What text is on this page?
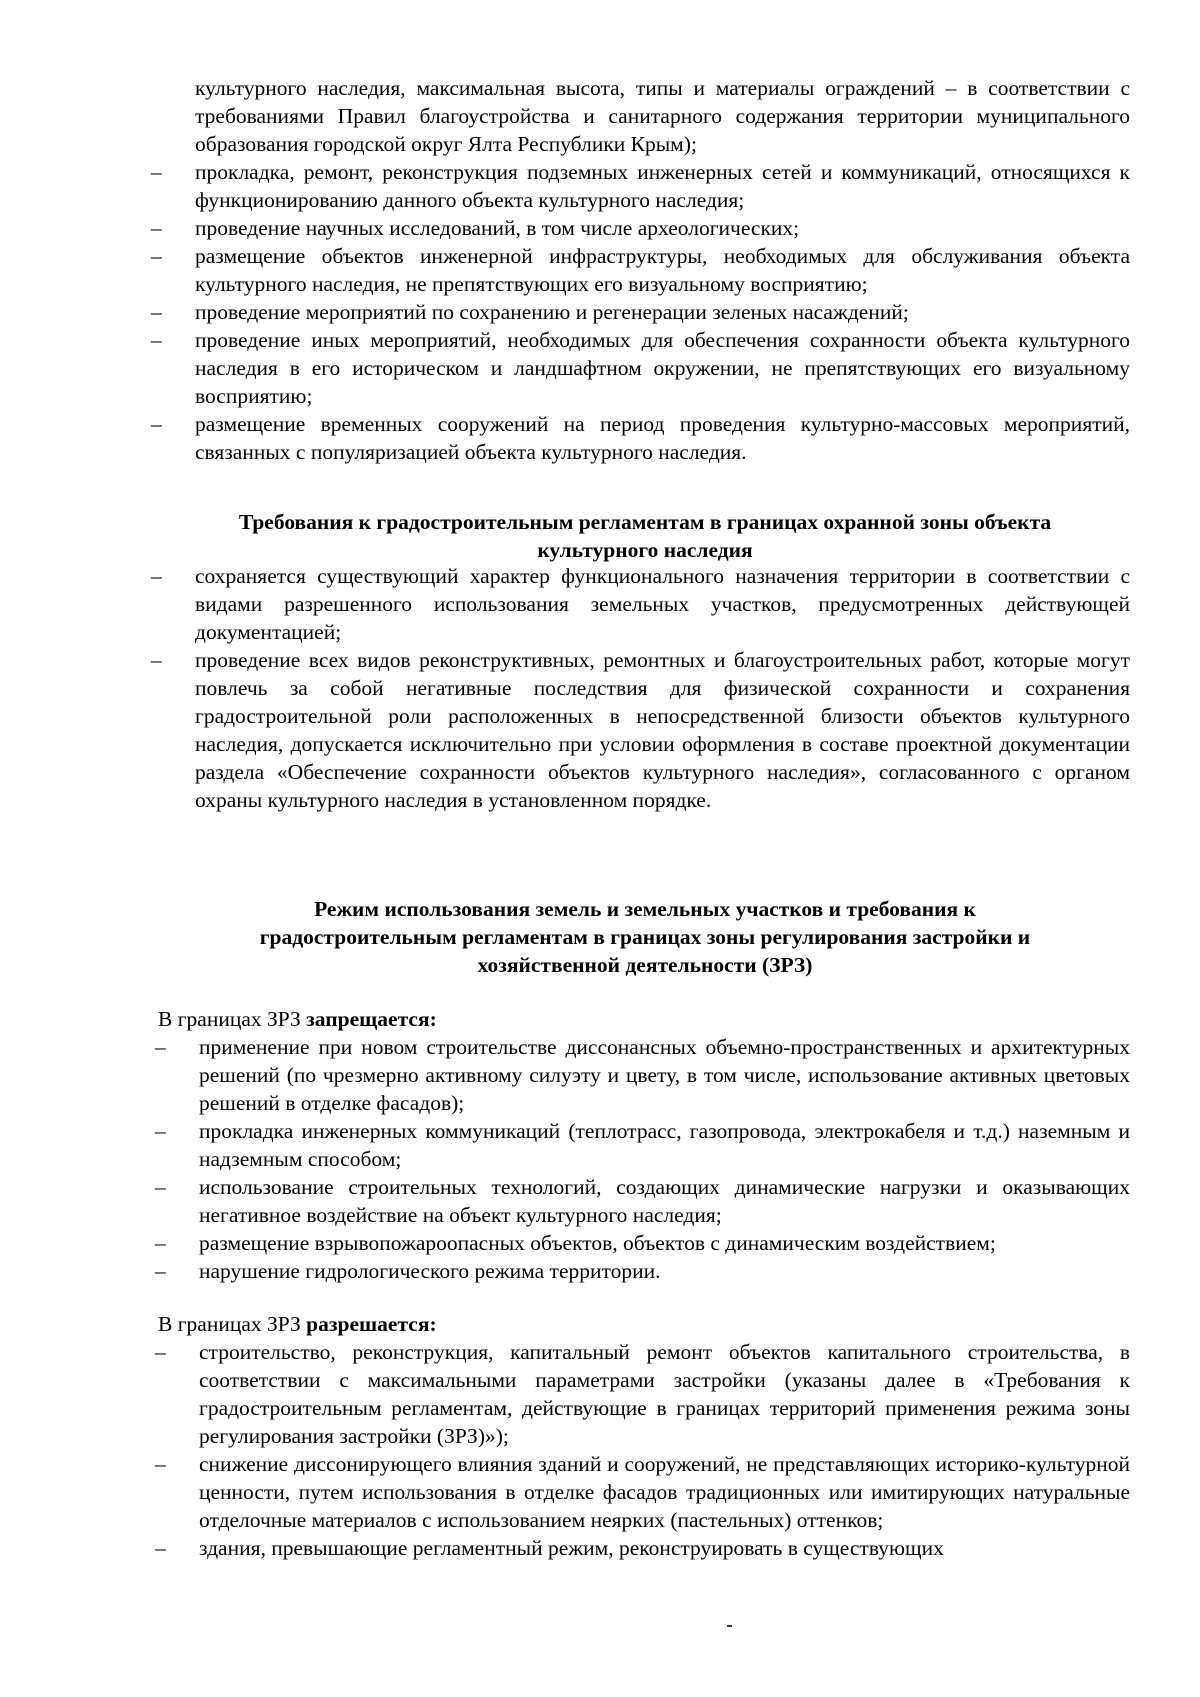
культурного наследия, максимальная высота, типы и материалы ограждений – в соответствии с требованиями Правил благоустройства и санитарного содержания территории муниципального образования городской округ Ялта Республики Крым);
– прокладка, ремонт, реконструкция подземных инженерных сетей и коммуникаций, относящихся к функционированию данного объекта культурного наследия;
– проведение научных исследований, в том числе археологических;
– размещение объектов инженерной инфраструктуры, необходимых для обслуживания объекта культурного наследия, не препятствующих его визуальному восприятию;
– проведение мероприятий по сохранению и регенерации зеленых насаждений;
– проведение иных мероприятий, необходимых для обеспечения сохранности объекта культурного наследия в его историческом и ландшафтном окружении, не препятствующих его визуальному восприятию;
– размещение временных сооружений на период проведения культурно-массовых мероприятий, связанных с популяризацией объекта культурного наследия.
Требования к градостроительным регламентам в границах охранной зоны объекта
культурного наследия
– сохраняется существующий характер функционального назначения территории в соответствии с видами разрешенного использования земельных участков, предусмотренных действующей документацией;
– проведение всех видов реконструктивных, ремонтных и благоустроительных работ, которые могут повлечь за собой негативные последствия для физической сохранности и сохранения градостроительной роли расположенных в непосредственной близости объектов культурного наследия, допускается исключительно при условии оформления в составе проектной документации раздела «Обеспечение сохранности объектов культурного наследия», согласованного с органом охраны культурного наследия в установленном порядке.
Режим использования земель и земельных участков и требования к
градостроительным регламентам в границах зоны регулирования застройки и
хозяйственной деятельности (ЗРЗ)
В границах ЗРЗ запрещается:
– применение при новом строительстве диссонансных объемно-пространственных и архитектурных решений (по чрезмерно активному силуэту и цвету, в том числе, использование активных цветовых решений в отделке фасадов);
– прокладка инженерных коммуникаций (теплотрасс, газопровода, электрокабеля и т.д.) наземным и надземным способом;
– использование строительных технологий, создающих динамические нагрузки и оказывающих негативное воздействие на объект культурного наследия;
– размещение взрывопожароопасных объектов, объектов с динамическим воздействием;
– нарушение гидрологического режима территории.
В границах ЗРЗ разрешается:
– строительство, реконструкция, капитальный ремонт объектов капитального строительства, в соответствии с максимальными параметрами застройки (указаны далее в «Требования к градостроительным регламентам, действующие в границах территорий применения режима зоны регулирования застройки (ЗРЗ)»);
– снижение диссонирующего влияния зданий и сооружений, не представляющих историко-культурной ценности, путем использования в отделке фасадов традиционных или имитирующих натуральные отделочные материалов с использованием неярких (пастельных) оттенков;
– здания, превышающие регламентный режим, реконструировать в существующих
